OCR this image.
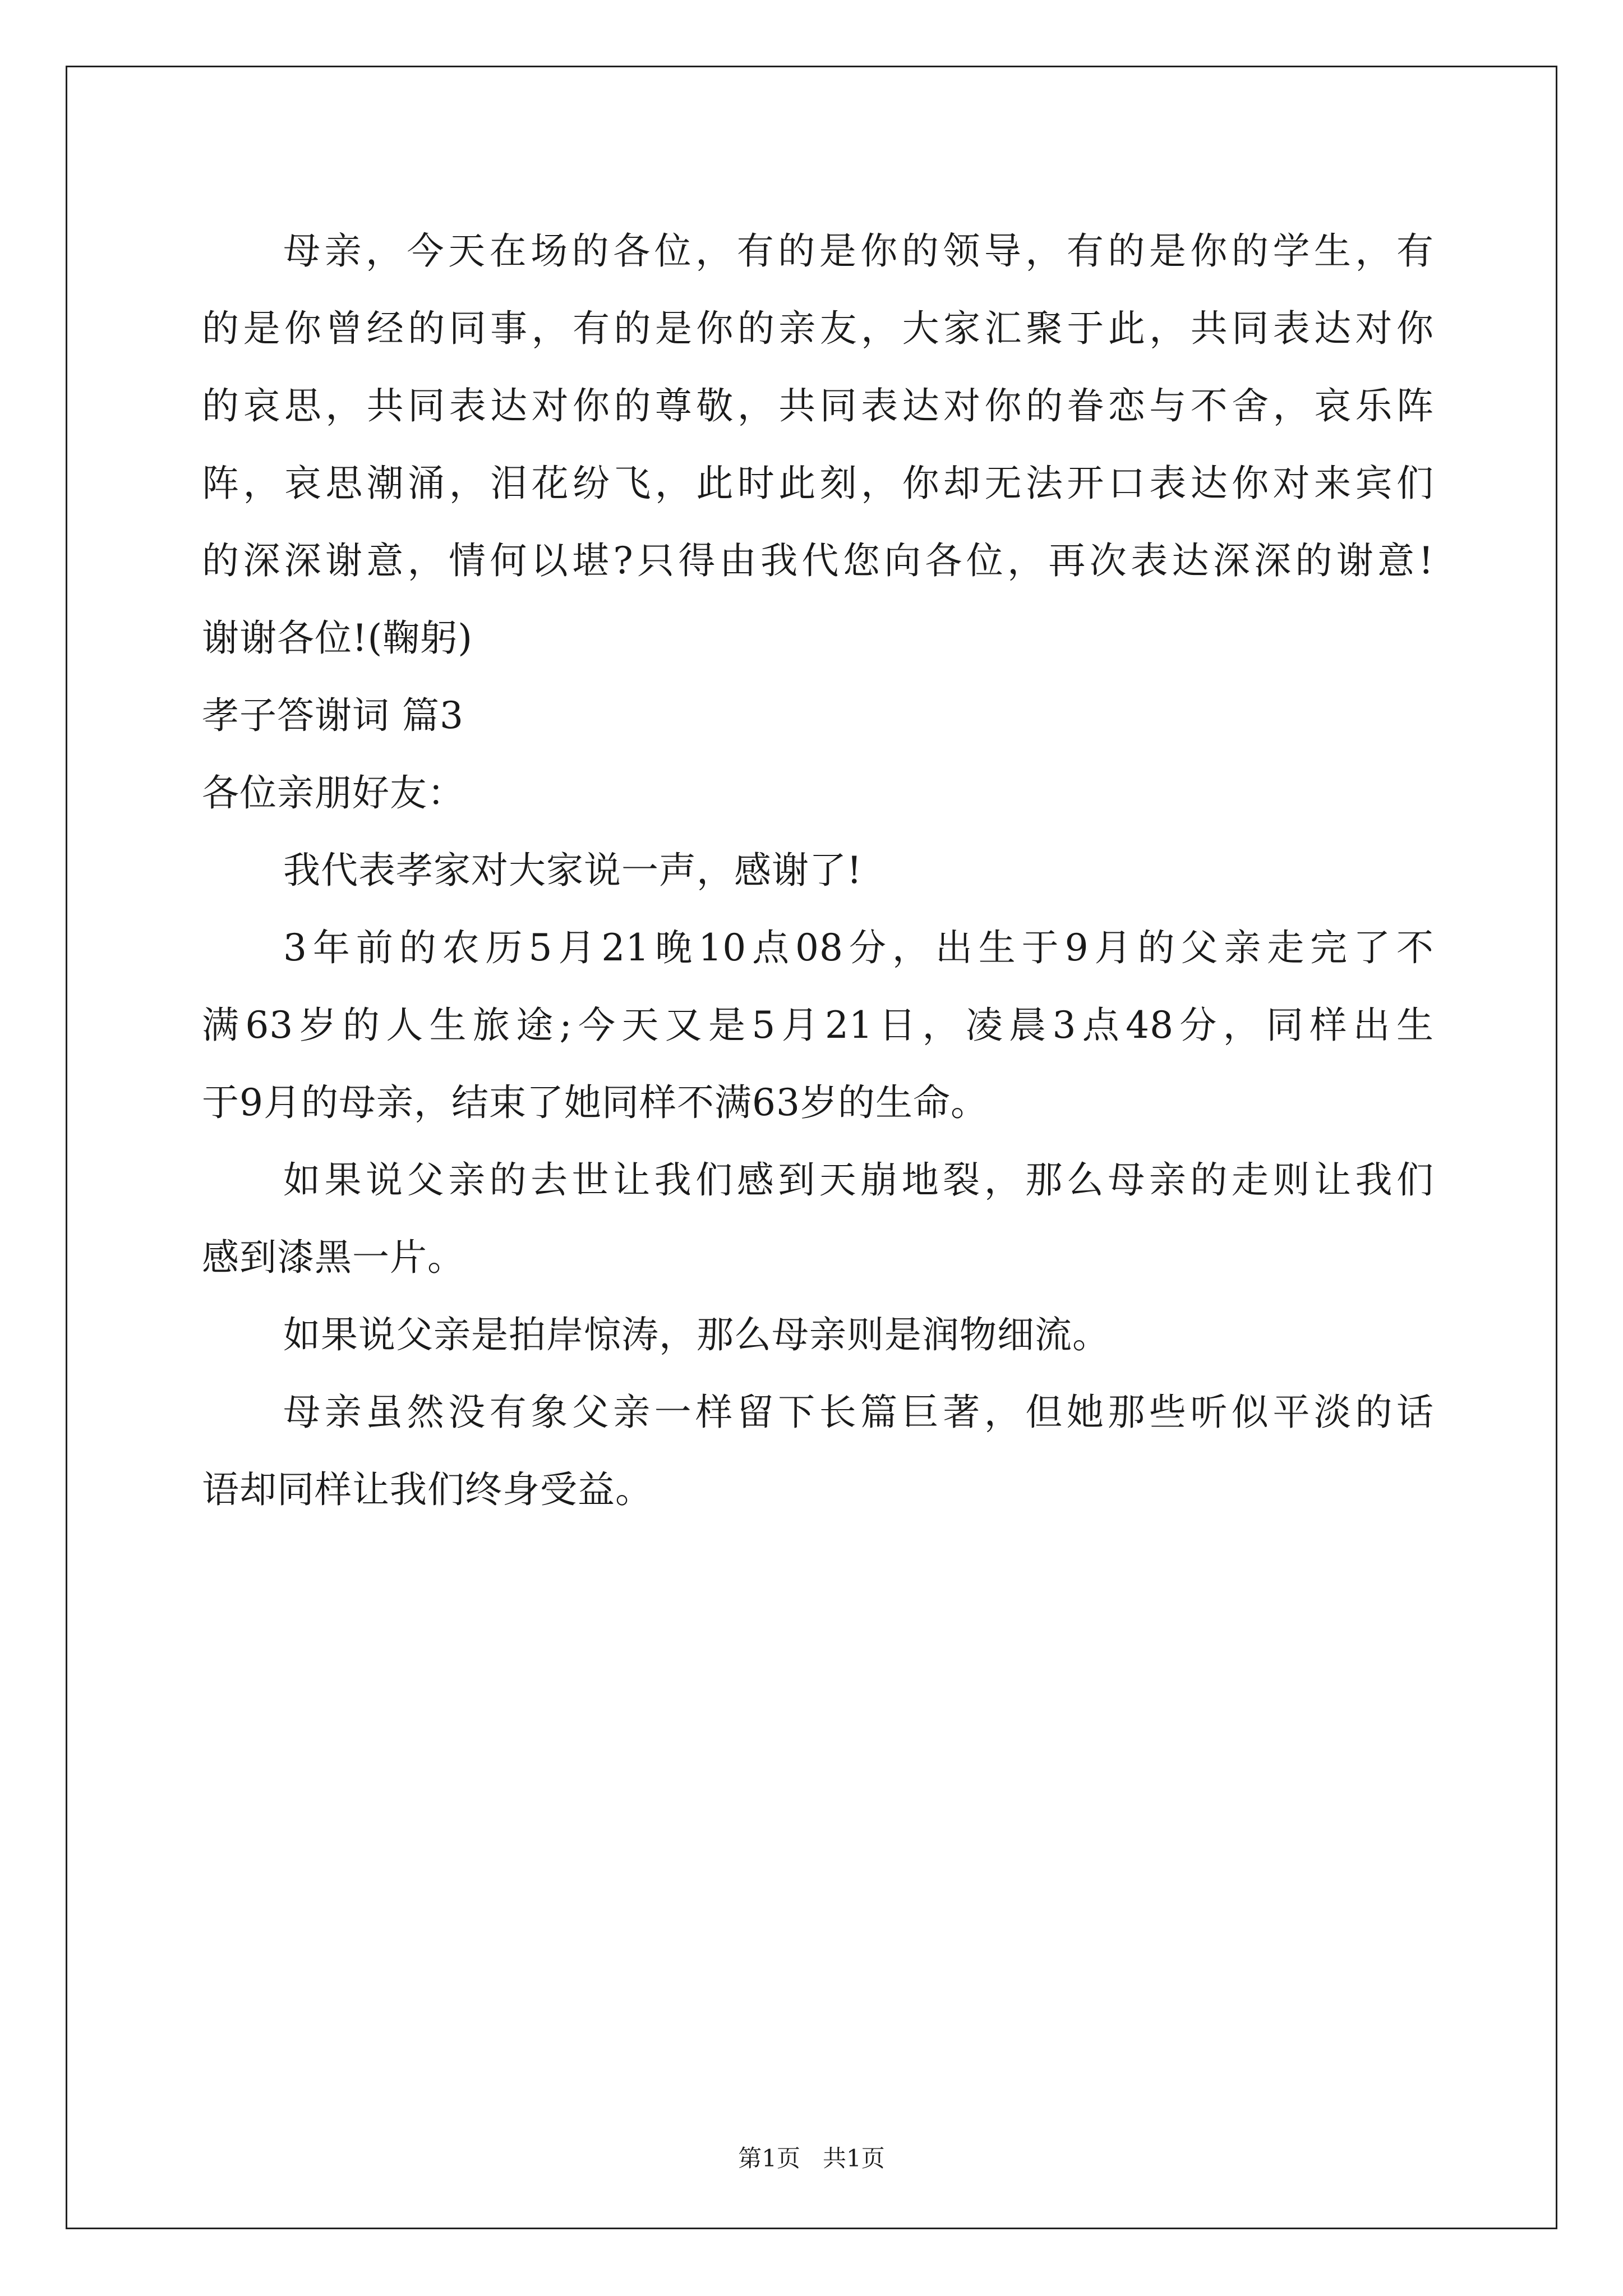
母亲，今天在场的各位，有的是你的领导，有的是你的学生，有
的是你曾经的同事，有的是你的亲友，大家汇聚于此，共同表达对你
的哀思，共同表达对你的尊敬，共同表达对你的眷恋与不舍，哀乐阵
阵，哀思潮涌，泪花纷飞，此时此刻，你却无法开口表达你对来宾们
的深深谢意，情何以堪?只得由我代您向各位，再次表达深深的谢意!
谢谢各位!(鞠躬)
孝子答谢词 篇3
各位亲朋好友：
我代表孝家对大家说一声，感谢了!
3年前的农历5月21晚10点08分，出生于9月的父亲走完了不
满63岁的人生旅途;今天又是5月21日，凌晨3点48分，同样出生
于9月的母亲，结束了她同样不满63岁的生命。
如果说父亲的去世让我们感到天崩地裂，那么母亲的走则让我们
感到漆黑一片。
如果说父亲是拍岸惊涛，那么母亲则是润物细流。
母亲虽然没有象父亲一样留下长篇巨著，但她那些听似平淡的话
语却同样让我们终身受益。
第1页   共1页
